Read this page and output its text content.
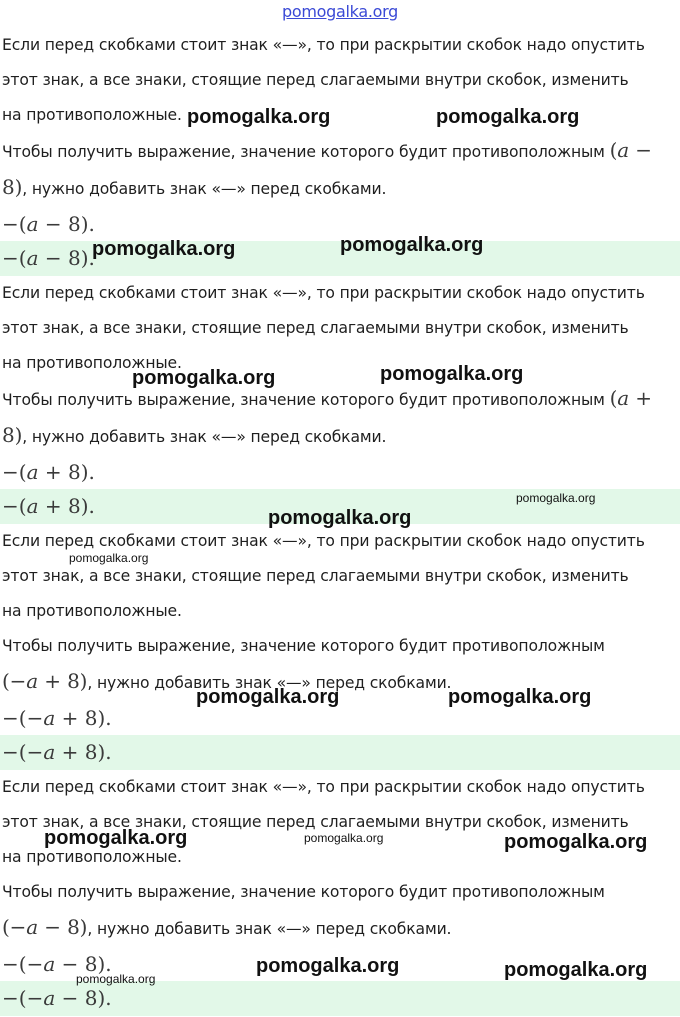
pomogalka.org

Если перед скобками стоит знак «—», то при раскрытии скобок надо опустить

этот знак, а все знаки, стоящие перед слагаемыми внутри скобок, изменить

на противоположные.

Чтобы получить выражение, значение которого будит противоположным (a −

8), нужно добавить знак «—» перед скобками.

−(a − 8).

−(a − 8).

Если перед скобками стоит знак «—», то при раскрытии скобок надо опустить

этот знак, а все знаки, стоящие перед слагаемыми внутри скобок, изменить

на противоположные.

Чтобы получить выражение, значение которого будит противоположным (a +

8), нужно добавить знак «—» перед скобками.

−(a + 8).

−(a + 8).

Если перед скобками стоит знак «—», то при раскрытии скобок надо опустить

этот знак, а все знаки, стоящие перед слагаемыми внутри скобок, изменить

на противоположные.

Чтобы получить выражение, значение которого будит противоположным

(−a + 8), нужно добавить знак «—» перед скобками.

−(−a + 8).

−(−a + 8).

Если перед скобками стоит знак «—», то при раскрытии скобок надо опустить

этот знак, а все знаки, стоящие перед слагаемыми внутри скобок, изменить

на противоположные.

Чтобы получить выражение, значение которого будит противоположным

(−a − 8), нужно добавить знак «—» перед скобками.

−(−a − 8).

−(−a − 8).

pomogalka.org	pomogalka.org
pomogalka.org	pomogalka.org
pomogalka.org	pomogalka.org
pomogalka.org
pomogalka.org
pomogalka.org
pomogalka.org	pomogalka.org
pomogalka.org	pomogalka.org	pomogalka.org
pomogalka.org	pomogalka.org
pomogalka.org
